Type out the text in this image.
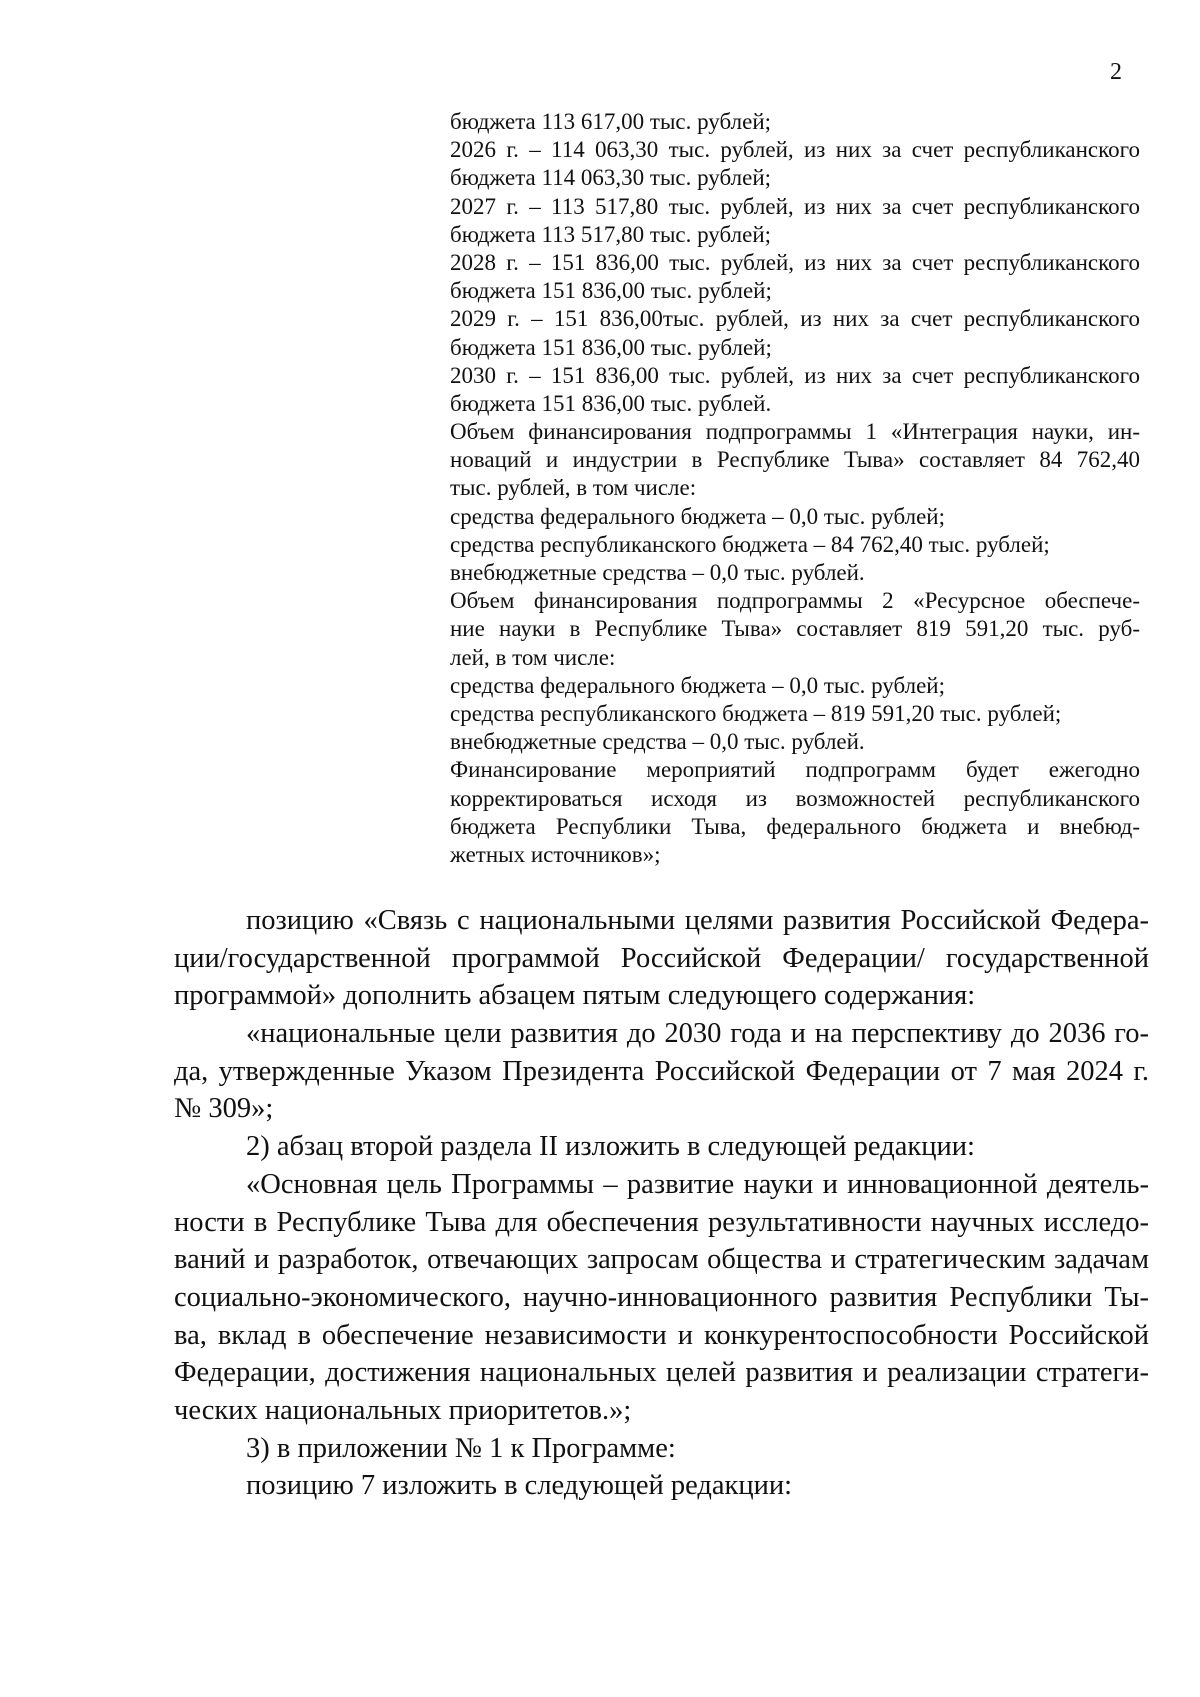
2
бюджета 113 617,00 тыс. рублей;
2026 г. – 114 063,30 тыс. рублей, из них за счет республиканского
бюджета 114 063,30 тыс. рублей;
2027 г. – 113 517,80 тыс. рублей, из них за счет республиканского
бюджета 113 517,80 тыс. рублей;
2028 г. – 151 836,00 тыс. рублей, из них за счет республиканского
бюджета 151 836,00 тыс. рублей;
2029 г. – 151 836,00тыс. рублей, из них за счет республиканского
бюджета 151 836,00 тыс. рублей;
2030 г. – 151 836,00 тыс. рублей, из них за счет республиканского
бюджета 151 836,00 тыс. рублей.
Объем финансирования подпрограммы 1 «Интеграция науки, ин-
новаций и индустрии в Республике Тыва» составляет 84 762,40
тыс. рублей, в том числе:
средства федерального бюджета – 0,0 тыс. рублей;
средства республиканского бюджета – 84 762,40 тыс. рублей;
внебюджетные средства – 0,0 тыс. рублей.
Объем финансирования подпрограммы 2 «Ресурсное обеспече-
ние науки в Республике Тыва» составляет 819 591,20 тыс. руб-
лей, в том числе:
средства федерального бюджета – 0,0 тыс. рублей;
средства республиканского бюджета – 819 591,20 тыс. рублей;
внебюджетные средства – 0,0 тыс. рублей.
Финансирование мероприятий подпрограмм будет ежегодно
корректироваться исходя из возможностей республиканского
бюджета Республики Тыва, федерального бюджета и внебюд-
жетных источников»;
позицию «Связь с национальными целями развития Российской Федера-
ции/государственной программой Российской Федерации/ государственной
программой» дополнить абзацем пятым следующего содержания:
«национальные цели развития до 2030 года и на перспективу до 2036 го-
да, утвержденные Указом Президента Российской Федерации от 7 мая 2024 г.
№ 309»;
2) абзац второй раздела II изложить в следующей редакции:
«Основная цель Программы – развитие науки и инновационной деятель-
ности в Республике Тыва для обеспечения результативности научных исследо-
ваний и разработок, отвечающих запросам общества и стратегическим задачам
социально-экономического, научно-инновационного развития Республики Ты-
ва, вклад в обеспечение независимости и конкурентоспособности Российской
Федерации, достижения национальных целей развития и реализации стратеги-
ческих национальных приоритетов.»;
3) в приложении № 1 к Программе:
позицию 7 изложить в следующей редакции:
